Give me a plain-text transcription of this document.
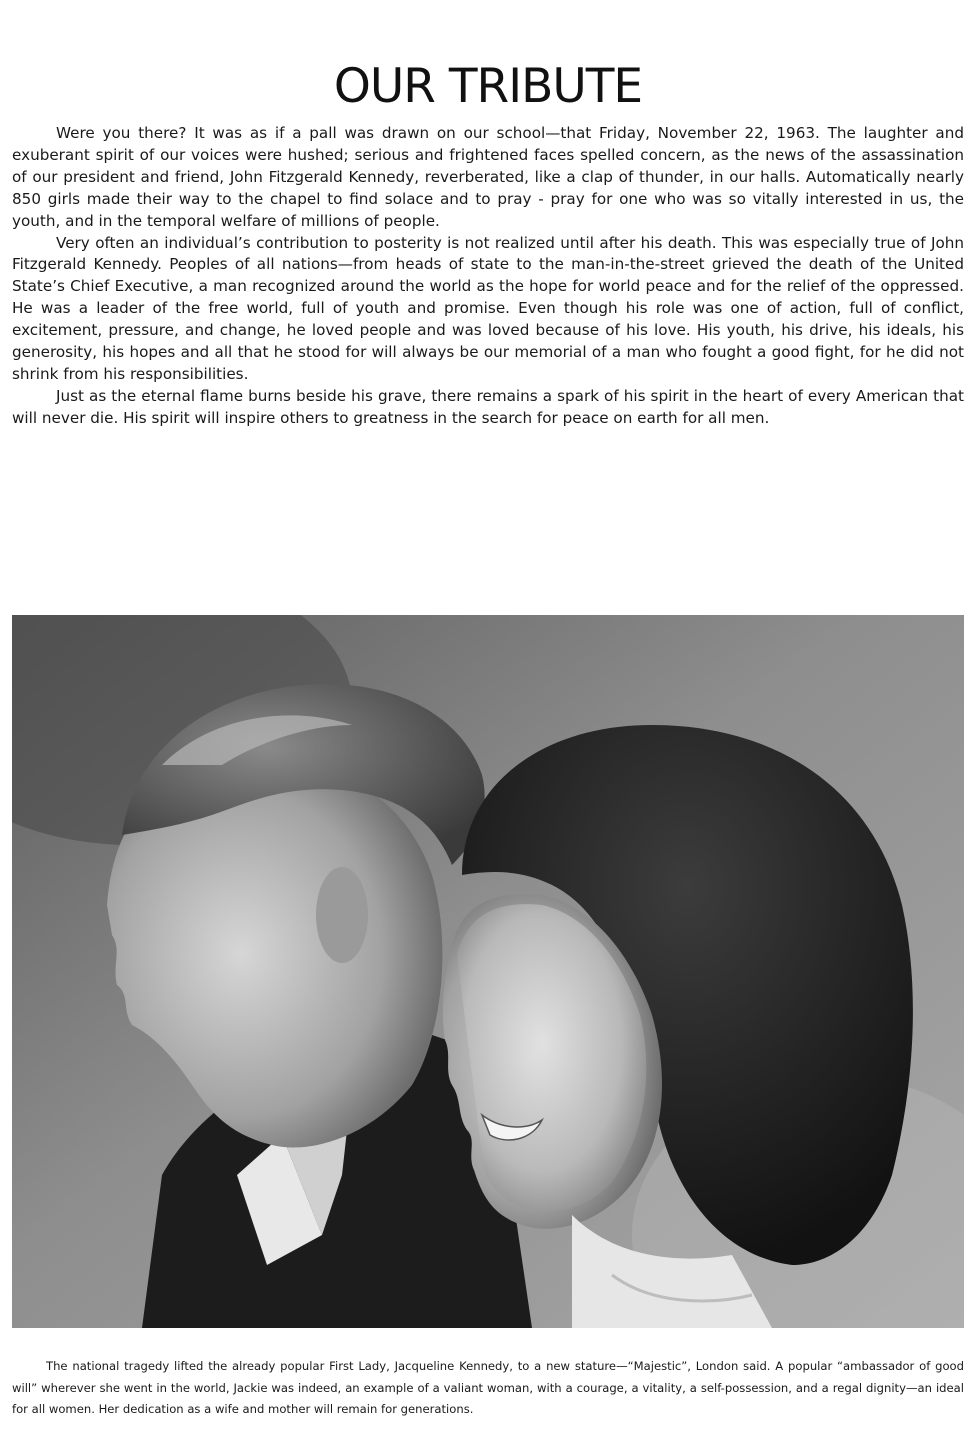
OUR TRIBUTE

Were you there? It was as if a pall was drawn on our school—that Friday, November 22, 1963. The laughter and exuberant spirit of our voices were hushed; serious and frightened faces spelled concern, as the news of the assassination of our president and friend, John Fitzgerald Kennedy, reverberated, like a clap of thunder, in our halls. Automatically nearly 850 girls made their way to the chapel to find solace and to pray - pray for one who was so vitally interested in us, the youth, and in the temporal welfare of millions of people.

Very often an individual’s contribution to posterity is not realized until after his death. This was especially true of John Fitzgerald Kennedy. Peoples of all nations—from heads of state to the man-in-the-street grieved the death of the United State’s Chief Executive, a man recognized around the world as the hope for world peace and for the relief of the oppressed. He was a leader of the free world, full of youth and promise. Even though his role was one of action, full of conflict, excitement, pressure, and change, he loved people and was loved because of his love. His youth, his drive, his ideals, his generosity, his hopes and all that he stood for will always be our memorial of a man who fought a good fight, for he did not shrink from his responsibilities.

Just as the eternal flame burns beside his grave, there remains a spark of his spirit in the heart of every American that will never die. His spirit will inspire others to greatness in the search for peace on earth for all men.

The national tragedy lifted the already popular First Lady, Jacqueline Kennedy, to a new stature—“Majestic”, London said. A popular “ambassador of good will” wherever she went in the world, Jackie was indeed, an example of a valiant woman, with a courage, a vitality, a self-possession, and a regal dignity—an ideal for all women. Her dedication as a wife and mother will remain for generations.
